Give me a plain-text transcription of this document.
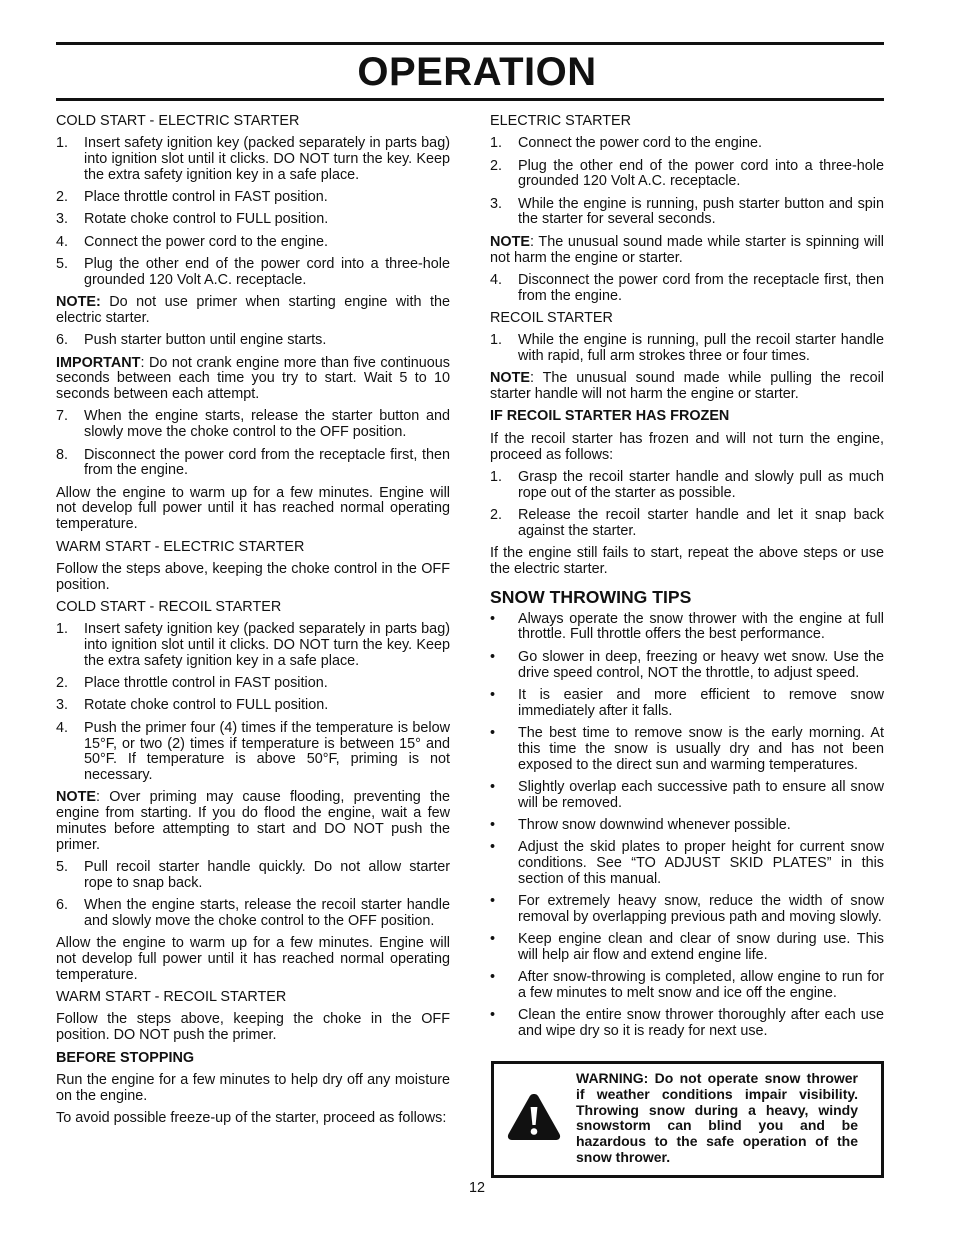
OPERATION
COLD START - ELECTRIC STARTER
1.	Insert safety ignition key (packed separately in parts bag) into ignition slot until it clicks. DO NOT turn the key. Keep the extra safety ignition key in a safe place.
2.	Place throttle control in FAST position.
3.	Rotate choke control to FULL position.
4.	Connect the power cord to the engine.
5.	Plug the other end of the power cord into a three-hole grounded 120 Volt A.C. receptacle.
NOTE: Do not use primer when starting engine with the electric starter.
6.	Push starter button until engine starts.
IMPORTANT: Do not crank engine more than five continuous seconds between each time you try to start. Wait 5 to 10 seconds between each attempt.
7.	When the engine starts, release the starter button and slowly move the choke control to the OFF position.
8.	Disconnect the power cord from the receptacle first, then from the engine.
Allow the engine to warm up for a few minutes. Engine will not develop full power until it has reached normal operating temperature.
WARM START - ELECTRIC STARTER
Follow the steps above, keeping the choke control in the OFF position.
COLD START - RECOIL STARTER
1.	Insert safety ignition key (packed separately in parts bag) into ignition slot until it clicks. DO NOT turn the key. Keep the extra safety ignition key in a safe place.
2.	Place throttle control in FAST position.
3.	Rotate choke control to FULL position.
4.	Push the primer four (4) times if the temperature is below 15°F, or two (2) times if temperature is between 15° and 50°F. If temperature is above 50°F, priming is not necessary.
NOTE: Over priming may cause flooding, preventing the engine from starting. If you do flood the engine, wait a few minutes before attempting to start and DO NOT push the primer.
5.	Pull recoil starter handle quickly. Do not allow starter rope to snap back.
6.	When the engine starts, release the recoil starter handle and slowly move the choke control to the OFF position.
Allow the engine to warm up for a few minutes. Engine will not develop full power until it has reached normal operating temperature.
WARM START - RECOIL STARTER
Follow the steps above, keeping the choke in the OFF position. DO NOT push the primer.
BEFORE STOPPING
Run the engine for a few minutes to help dry off any moisture on the engine.
To avoid possible freeze-up of the starter, proceed as follows:
ELECTRIC STARTER
1.	Connect the power cord to the engine.
2.	Plug the other end of the power cord into a three-hole grounded 120 Volt A.C. receptacle.
3.	While the engine is running, push starter button and spin the starter for several seconds.
NOTE: The unusual sound made while starter is spinning will not harm the engine or starter.
4.	Disconnect the power cord from the receptacle first, then from the engine.
RECOIL STARTER
1.	While the engine is running, pull the recoil starter handle with rapid, full arm strokes three or four times.
NOTE: The unusual sound made while pulling the recoil starter handle will not harm the engine or starter.
IF RECOIL STARTER HAS FROZEN
If the recoil starter has frozen and will not turn the engine, proceed as follows:
1.	Grasp the recoil starter handle and slowly pull as much rope out of the starter as possible.
2.	Release the recoil starter handle and let it snap back against the starter.
If the engine still fails to start, repeat the above steps or use the electric starter.
SNOW THROWING TIPS
•	Always operate the snow thrower with the engine at full throttle. Full throttle offers the best performance.
•	Go slower in deep, freezing or heavy wet snow. Use the drive speed control, NOT the throttle, to adjust speed.
•	It is easier and more efficient to remove snow immediately after it falls.
•	The best time to remove snow is the early morning. At this time the snow is usually dry and has not been exposed to the direct sun and warming temperatures.
•	Slightly overlap each successive path to ensure all snow will be removed.
•	Throw snow downwind whenever possible.
•	Adjust the skid plates to proper height for current snow conditions. See “TO ADJUST SKID PLATES” in this section of this manual.
•	For extremely heavy snow, reduce the width of snow removal by overlapping previous path and moving slowly.
•	Keep engine clean and clear of snow during use. This will help air flow and extend engine life.
•	After snow-throwing is completed, allow engine to run for a few minutes to melt snow and ice off the engine.
•	Clean the entire snow thrower thoroughly after each use and wipe dry so it is ready for next use.
WARNING: Do not operate snow thrower if weather conditions impair visibility. Throwing snow during a heavy, windy snowstorm can blind you and be hazardous to the safe operation of the snow thrower.
12
